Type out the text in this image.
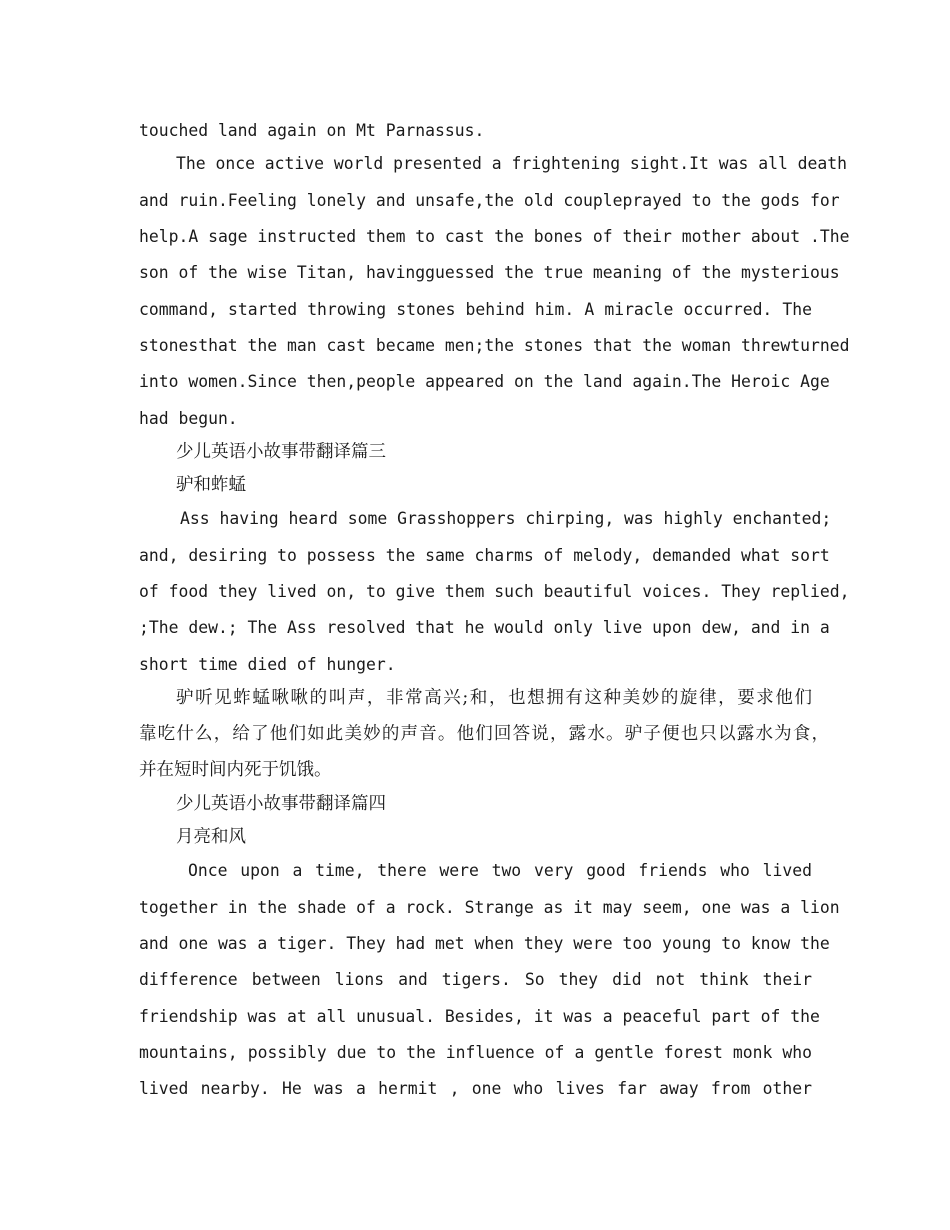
touched land again on Mt Parnassus.
The once active world presented a frightening sight.It was all death
and ruin.Feeling lonely and unsafe,the old coupleprayed to the gods for
help.A sage instructed them to cast the bones of their mother about .The
son of the wise Titan, havingguessed the true meaning of the mysterious
command, started throwing stones behind him. A miracle occurred. The
stonesthat the man cast became men;the stones that the woman threwturned
into women.Since then,people appeared on the land again.The Heroic Age
had begun.
少儿英语小故事带翻译篇三
驴和蚱蜢
Ass having heard some Grasshoppers chirping, was highly enchanted;
and, desiring to possess the same charms of melody, demanded what sort
of food they lived on, to give them such beautiful voices. They replied,
;The dew.; The Ass resolved that he would only live upon dew, and in a
short time died of hunger.
驴听见蚱蜢啾啾的叫声，非常高兴;和，也想拥有这种美妙的旋律，要求他们
靠吃什么，给了他们如此美妙的声音。他们回答说，露水。驴子便也只以露水为食，
并在短时间内死于饥饿。
少儿英语小故事带翻译篇四
月亮和风
Once upon a time, there were two very good friends who lived
together in the shade of a rock. Strange as it may seem, one was a lion
and one was a tiger. They had met when they were too young to know the
difference between lions and tigers. So they did not think their
friendship was at all unusual. Besides, it was a peaceful part of the
mountains, possibly due to the influence of a gentle forest monk who
lived nearby. He was a hermit , one who lives far away from other
